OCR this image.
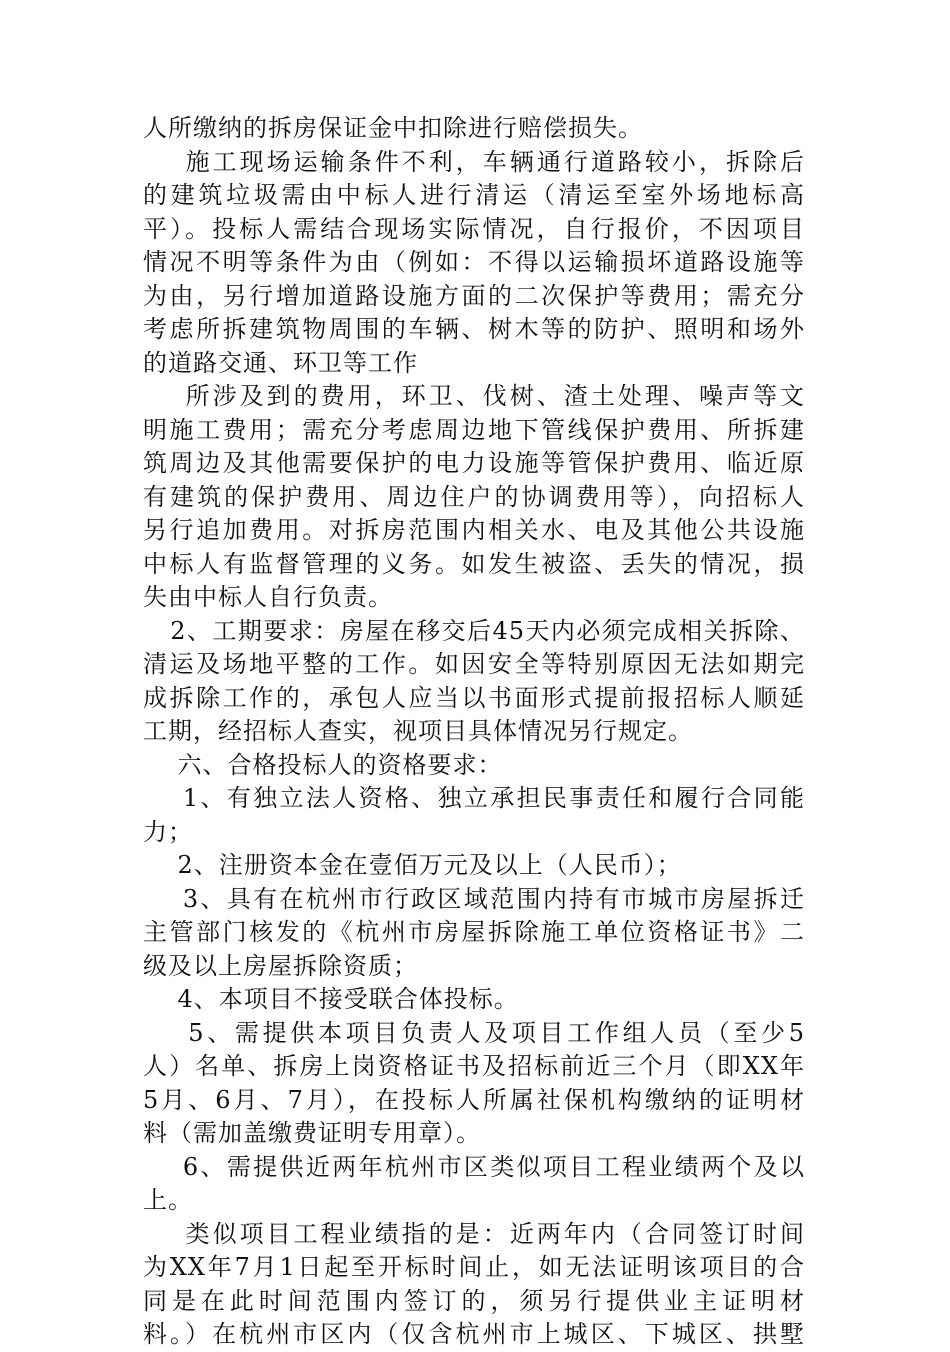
人所缴纳的拆房保证金中扣除进行赔偿损失。
施工现场运输条件不利，车辆通行道路较小，拆除后
的建筑垃圾需由中标人进行清运（清运至室外场地标高
平）。投标人需结合现场实际情况，自行报价，不因项目
情况不明等条件为由（例如：不得以运输损坏道路设施等
为由，另行增加道路设施方面的二次保护等费用；需充分
考虑所拆建筑物周围的车辆、树木等的防护、照明和场外
的道路交通、环卫等工作
所涉及到的费用，环卫、伐树、渣土处理、噪声等文
明施工费用；需充分考虑周边地下管线保护费用、所拆建
筑周边及其他需要保护的电力设施等管保护费用、临近原
有建筑的保护费用、周边住户的协调费用等），向招标人
另行追加费用。对拆房范围内相关水、电及其他公共设施
中标人有监督管理的义务。如发生被盗、丢失的情况，损
失由中标人自行负责。
2、工期要求：房屋在移交后45天内必须完成相关拆除、
清运及场地平整的工作。如因安全等特别原因无法如期完
成拆除工作的，承包人应当以书面形式提前报招标人顺延
工期，经招标人查实，视项目具体情况另行规定。
六、合格投标人的资格要求：
1、有独立法人资格、独立承担民事责任和履行合同能
力；
2、注册资本金在壹佰万元及以上（人民币）；
3、具有在杭州市行政区域范围内持有市城市房屋拆迁
主管部门核发的《杭州市房屋拆除施工单位资格证书》二
级及以上房屋拆除资质；
4、本项目不接受联合体投标。
5、需提供本项目负责人及项目工作组人员（至少5
人）名单、拆房上岗资格证书及招标前近三个月（即XX年
5月、6月、7月），在投标人所属社保机构缴纳的证明材
料（需加盖缴费证明专用章）。
6、需提供近两年杭州市区类似项目工程业绩两个及以
上。
类似项目工程业绩指的是：近两年内（合同签订时间
为XX年7月1日起至开标时间止，如无法证明该项目的合
同是在此时间范围内签订的，须另行提供业主证明材
料。）在杭州市区内（仅含杭州市上城区、下城区、拱墅
